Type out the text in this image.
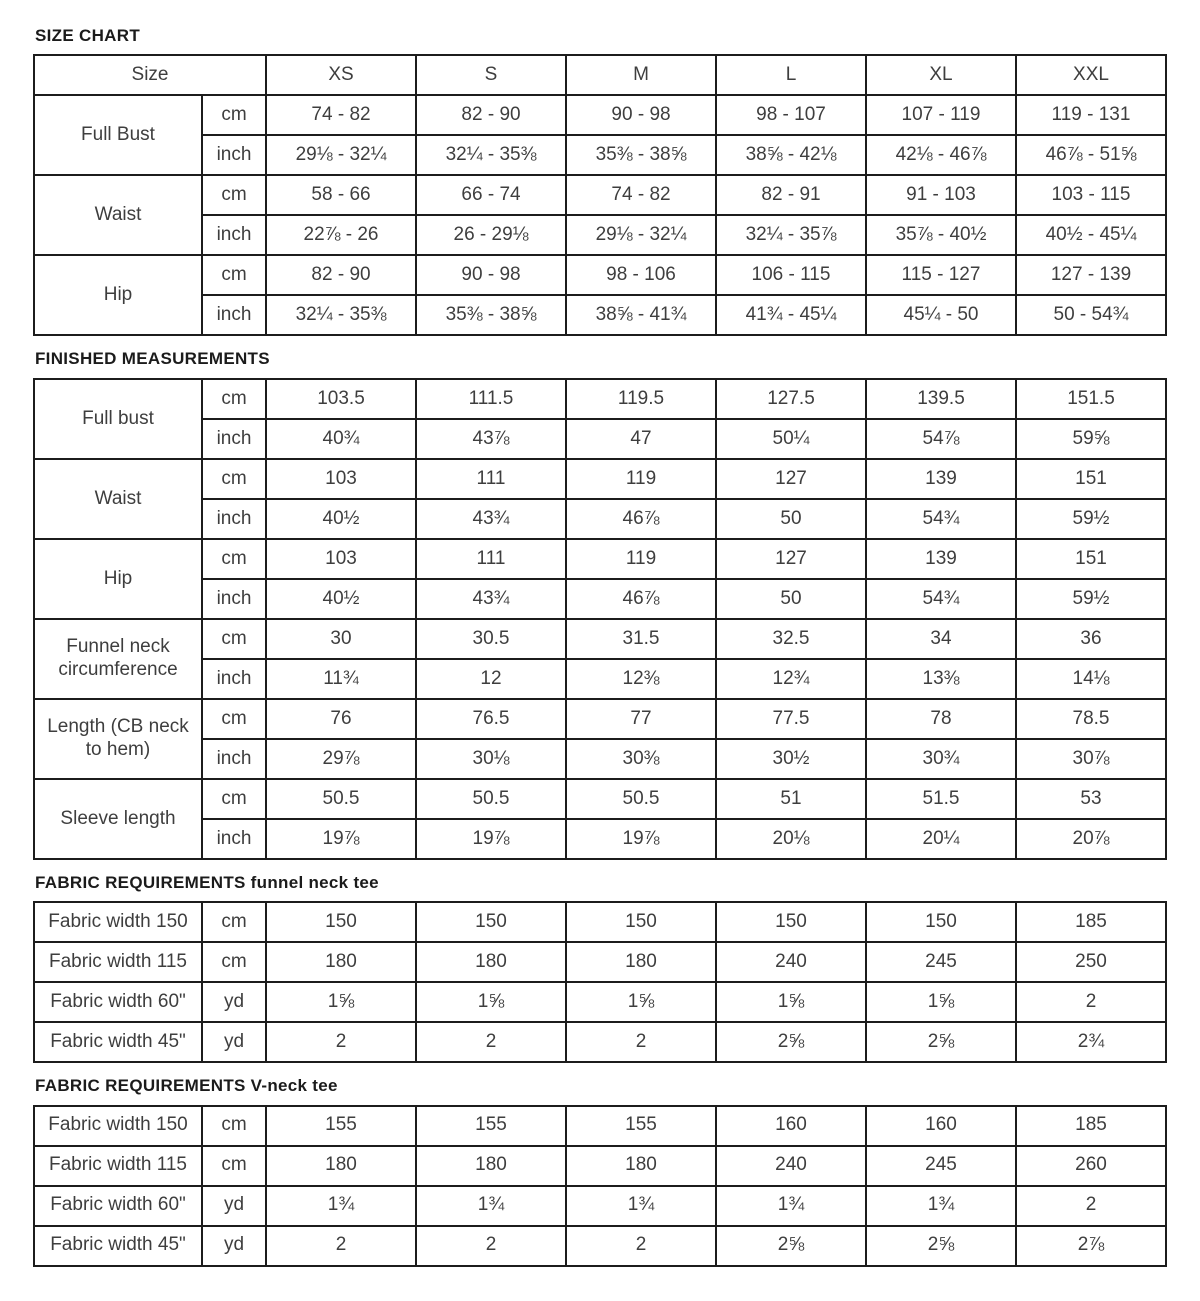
SIZE CHART
Size		XS	S	M	L	XL	XXL
Full Bust	cm	74 - 82	82 - 90	90 - 98	98 - 107	107 - 119	119 - 131
	inch	29⅛ - 32¼	32¼ - 35⅜	35⅜ - 38⅝	38⅝ - 42⅛	42⅛ - 46⅞	46⅞ - 51⅝
Waist	cm	58 - 66	66 - 74	74 - 82	82 - 91	91 - 103	103 - 115
	inch	22⅞ - 26	26 - 29⅛	29⅛ - 32¼	32¼ - 35⅞	35⅞ - 40½	40½ - 45¼
Hip	cm	82 - 90	90 - 98	98 - 106	106 - 115	115 - 127	127 - 139
	inch	32¼ - 35⅜	35⅜ - 38⅝	38⅝ - 41¾	41¾ - 45¼	45¼ - 50	50 - 54¾
FINISHED MEASUREMENTS
Full bust	cm	103.5	111.5	119.5	127.5	139.5	151.5
	inch	40¾	43⅞	47	50¼	54⅞	59⅝
Waist	cm	103	111	119	127	139	151
	inch	40½	43¾	46⅞	50	54¾	59½
Hip	cm	103	111	119	127	139	151
	inch	40½	43¾	46⅞	50	54¾	59½
Funnel neck circumference	cm	30	30.5	31.5	32.5	34	36
	inch	11¾	12	12⅜	12¾	13⅜	14⅛
Length (CB neck to hem)	cm	76	76.5	77	77.5	78	78.5
	inch	29⅞	30⅛	30⅜	30½	30¾	30⅞
Sleeve length	cm	50.5	50.5	50.5	51	51.5	53
	inch	19⅞	19⅞	19⅞	20⅛	20¼	20⅞
FABRIC REQUIREMENTS funnel neck tee
Fabric width 150	cm	150	150	150	150	150	185
Fabric width 115	cm	180	180	180	240	245	250
Fabric width 60"	yd	1⅝	1⅝	1⅝	1⅝	1⅝	2
Fabric width 45"	yd	2	2	2	2⅝	2⅝	2¾
FABRIC REQUIREMENTS V-neck tee
Fabric width 150	cm	155	155	155	160	160	185
Fabric width 115	cm	180	180	180	240	245	260
Fabric width 60"	yd	1¾	1¾	1¾	1¾	1¾	2
Fabric width 45"	yd	2	2	2	2⅝	2⅝	2⅞
